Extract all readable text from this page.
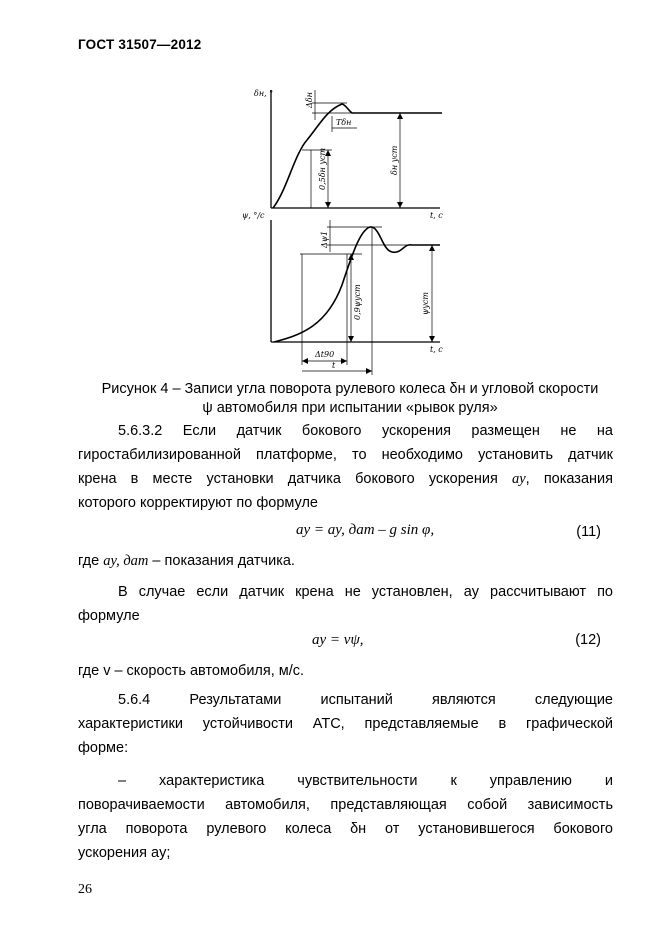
ГОСТ 31507—2012
δн, °
t, с
Δδн
Tδн
0,5δн уст	δн уст
ψ, °/с
t, с
Δψ1
0,9ψуст	ψуст
Δt90
t
Рисунок 4 – Записи угла поворота рулевого колеса δн и угловой скорости
ψ автомобиля при испытании «рывок руля»
5.6.3.2 Если датчик бокового ускорения размещен не на
гиростабилизированной платформе, то необходимо установить датчик
крена в месте установки датчика бокового ускорения ay, показания
которого корректируют по формуле
ay = ay, дат – g sin φ,	(11)
где ay, дат – показания датчика.
В случае если датчик крена не установлен, ay рассчитывают по
формуле
ay = vψ,	(12)
где v – скорость автомобиля, м/с.
5.6.4 Результатами испытаний являются следующие
характеристики устойчивости АТС, представляемые в графической
форме:
– характеристика чувствительности к управлению и
поворачиваемости автомобиля, представляющая собой зависимость
угла поворота рулевого колеса δн от установившегося бокового
ускорения ay;
26
